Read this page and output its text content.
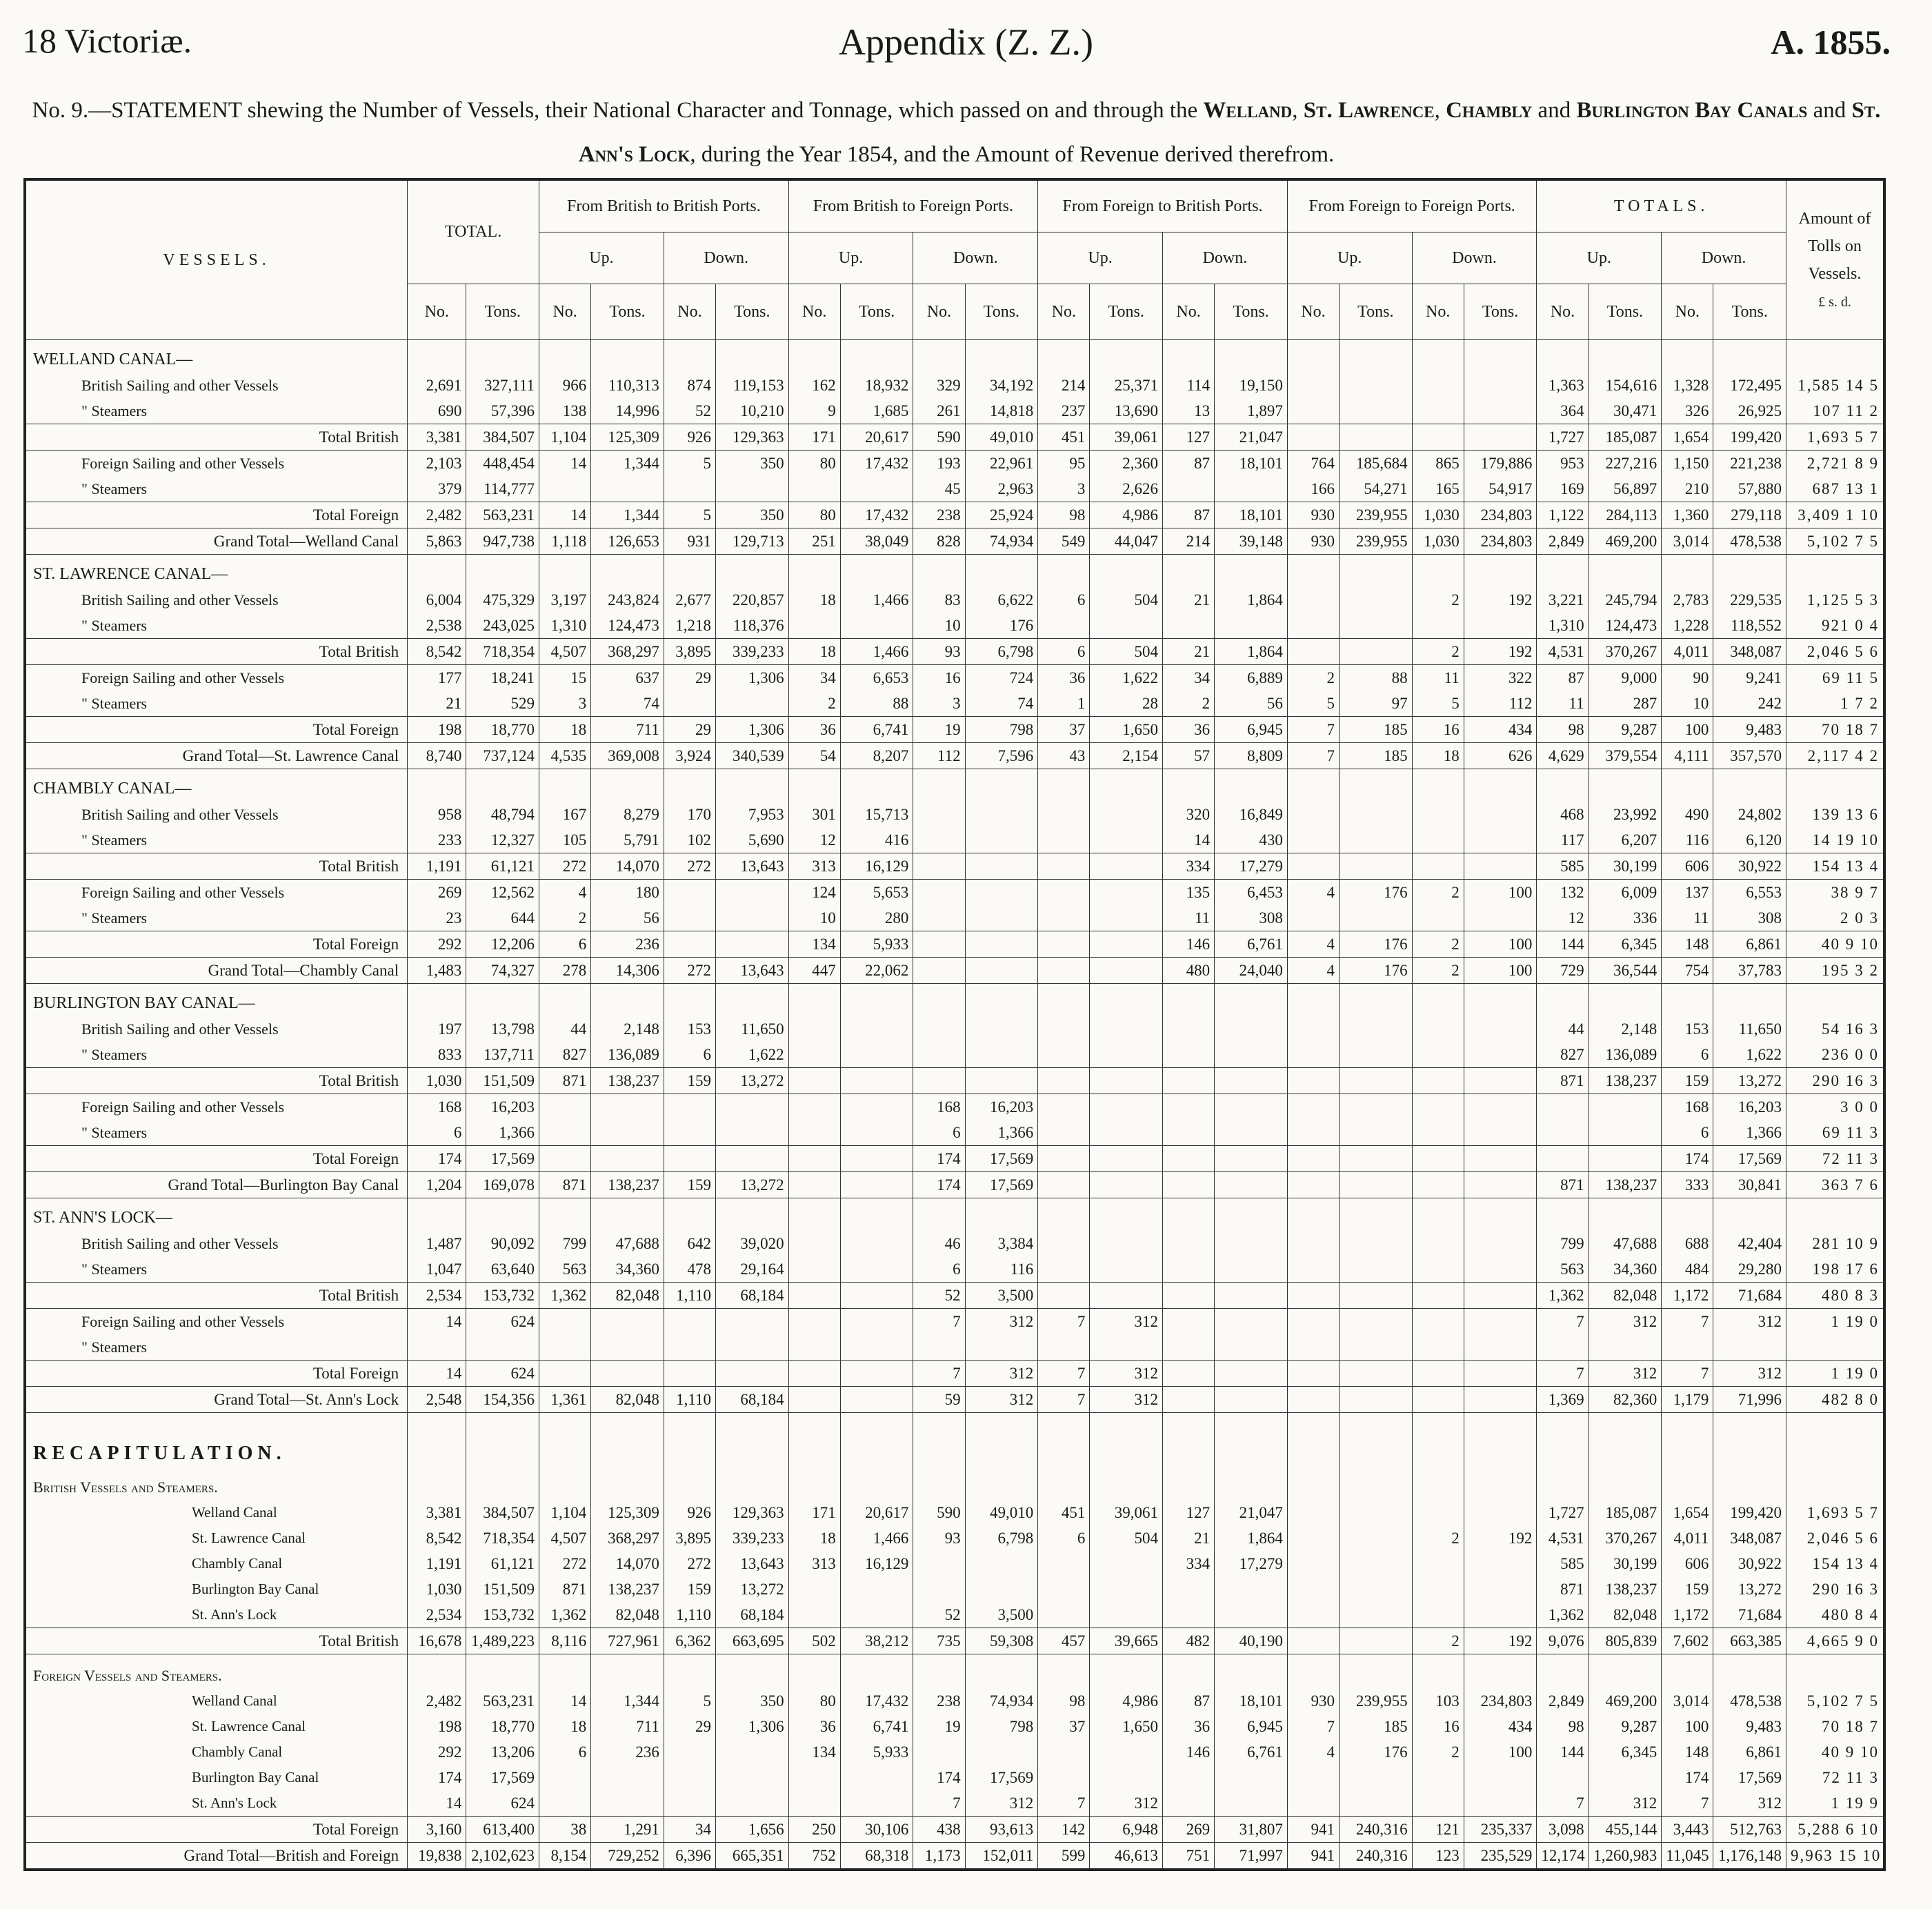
18 Victoriæ.	Appendix (Z. Z.)	A. 1855.
No. 9.—STATEMENT shewing the Number of Vessels, their National Character and Tonnage, which passed on and through the Welland, St. Lawrence, Chambly and Burlington Bay Canals and St. Ann's Lock, during the Year 1854, and the Amount of Revenue derived therefrom.
VESSELS.	TOTAL.		From British to British Ports.				From British to Foreign Ports.				From Foreign to British Ports.				From Foreign to Foreign Ports.				TOTALS.				Amount of Tolls on Vessels.
£ s. d.
			Up.		Down.		Up.		Down.		Up.		Down.		Up.		Down.		Up.		Down.		
	No.	Tons.	No.	Tons.	No.	Tons.	No.	Tons.	No.	Tons.	No.	Tons.	No.	Tons.	No.	Tons.	No.	Tons.	No.	Tons.	No.	Tons.	
WELLAND CANAL—																							
British Sailing and other Vessels	2,691	327,111	966	110,313	874	119,153	162	18,932	329	34,192	214	25,371	114	19,150					1,363	154,616	1,328	172,495	1,585 14 5
" Steamers	690	57,396	138	14,996	52	10,210	9	1,685	261	14,818	237	13,690	13	1,897					364	30,471	326	26,925	107 11 2
Total British	3,381	384,507	1,104	125,309	926	129,363	171	20,617	590	49,010	451	39,061	127	21,047					1,727	185,087	1,654	199,420	1,693 5 7
Foreign Sailing and other Vessels	2,103	448,454	14	1,344	5	350	80	17,432	193	22,961	95	2,360	87	18,101	764	185,684	865	179,886	953	227,216	1,150	221,238	2,721 8 9
" Steamers	379	114,777							45	2,963	3	2,626			166	54,271	165	54,917	169	56,897	210	57,880	687 13 1
Total Foreign	2,482	563,231	14	1,344	5	350	80	17,432	238	25,924	98	4,986	87	18,101	930	239,955	1,030	234,803	1,122	284,113	1,360	279,118	3,409 1 10
Grand Total—Welland Canal	5,863	947,738	1,118	126,653	931	129,713	251	38,049	828	74,934	549	44,047	214	39,148	930	239,955	1,030	234,803	2,849	469,200	3,014	478,538	5,102 7 5
ST. LAWRENCE CANAL—																							
British Sailing and other Vessels	6,004	475,329	3,197	243,824	2,677	220,857	18	1,466	83	6,622	6	504	21	1,864			2	192	3,221	245,794	2,783	229,535	1,125 5 3
" Steamers	2,538	243,025	1,310	124,473	1,218	118,376			10	176									1,310	124,473	1,228	118,552	921 0 4
Total British	8,542	718,354	4,507	368,297	3,895	339,233	18	1,466	93	6,798	6	504	21	1,864			2	192	4,531	370,267	4,011	348,087	2,046 5 6
Foreign Sailing and other Vessels	177	18,241	15	637	29	1,306	34	6,653	16	724	36	1,622	34	6,889	2	88	11	322	87	9,000	90	9,241	69 11 5
" Steamers	21	529	3	74			2	88	3	74	1	28	2	56	5	97	5	112	11	287	10	242	1 7 2
Total Foreign	198	18,770	18	711	29	1,306	36	6,741	19	798	37	1,650	36	6,945	7	185	16	434	98	9,287	100	9,483	70 18 7
Grand Total—St. Lawrence Canal	8,740	737,124	4,535	369,008	3,924	340,539	54	8,207	112	7,596	43	2,154	57	8,809	7	185	18	626	4,629	379,554	4,111	357,570	2,117 4 2
CHAMBLY CANAL—																							
British Sailing and other Vessels	958	48,794	167	8,279	170	7,953	301	15,713					320	16,849					468	23,992	490	24,802	139 13 6
" Steamers	233	12,327	105	5,791	102	5,690	12	416					14	430					117	6,207	116	6,120	14 19 10
Total British	1,191	61,121	272	14,070	272	13,643	313	16,129					334	17,279					585	30,199	606	30,922	154 13 4
Foreign Sailing and other Vessels	269	12,562	4	180			124	5,653					135	6,453	4	176	2	100	132	6,009	137	6,553	38 9 7
" Steamers	23	644	2	56			10	280					11	308					12	336	11	308	2 0 3
Total Foreign	292	12,206	6	236			134	5,933					146	6,761	4	176	2	100	144	6,345	148	6,861	40 9 10
Grand Total—Chambly Canal	1,483	74,327	278	14,306	272	13,643	447	22,062					480	24,040	4	176	2	100	729	36,544	754	37,783	195 3 2
BURLINGTON BAY CANAL—																							
British Sailing and other Vessels	197	13,798	44	2,148	153	11,650													44	2,148	153	11,650	54 16 3
" Steamers	833	137,711	827	136,089	6	1,622													827	136,089	6	1,622	236 0 0
Total British	1,030	151,509	871	138,237	159	13,272													871	138,237	159	13,272	290 16 3
Foreign Sailing and other Vessels	168	16,203							168	16,203											168	16,203	3 0 0
" Steamers	6	1,366							6	1,366											6	1,366	69 11 3
Total Foreign	174	17,569							174	17,569											174	17,569	72 11 3
Grand Total—Burlington Bay Canal	1,204	169,078	871	138,237	159	13,272			174	17,569									871	138,237	333	30,841	363 7 6
ST. ANN'S LOCK—																							
British Sailing and other Vessels	1,487	90,092	799	47,688	642	39,020			46	3,384									799	47,688	688	42,404	281 10 9
" Steamers	1,047	63,640	563	34,360	478	29,164			6	116									563	34,360	484	29,280	198 17 6
Total British	2,534	153,732	1,362	82,048	1,110	68,184			52	3,500									1,362	82,048	1,172	71,684	480 8 3
Foreign Sailing and other Vessels	14	624							7	312	7	312							7	312	7	312	1 19 0
" Steamers																							
Total Foreign	14	624							7	312	7	312							7	312	7	312	1 19 0
Grand Total—St. Ann's Lock	2,548	154,356	1,361	82,048	1,110	68,184			59	312	7	312							1,369	82,360	1,179	71,996	482 8 0
RECAPITULATION.																							
British Vessels and Steamers.																							
Welland Canal	3,381	384,507	1,104	125,309	926	129,363	171	20,617	590	49,010	451	39,061	127	21,047					1,727	185,087	1,654	199,420	1,693 5 7
St. Lawrence Canal	8,542	718,354	4,507	368,297	3,895	339,233	18	1,466	93	6,798	6	504	21	1,864			2	192	4,531	370,267	4,011	348,087	2,046 5 6
Chambly Canal	1,191	61,121	272	14,070	272	13,643	313	16,129					334	17,279					585	30,199	606	30,922	154 13 4
Burlington Bay Canal	1,030	151,509	871	138,237	159	13,272													871	138,237	159	13,272	290 16 3
St. Ann's Lock	2,534	153,732	1,362	82,048	1,110	68,184			52	3,500									1,362	82,048	1,172	71,684	480 8 4
Total British	16,678	1,489,223	8,116	727,961	6,362	663,695	502	38,212	735	59,308	457	39,665	482	40,190			2	192	9,076	805,839	7,602	663,385	4,665 9 0
Foreign Vessels and Steamers.																							
Welland Canal	2,482	563,231	14	1,344	5	350	80	17,432	238	74,934	98	4,986	87	18,101	930	239,955	103	234,803	2,849	469,200	3,014	478,538	5,102 7 5
St. Lawrence Canal	198	18,770	18	711	29	1,306	36	6,741	19	798	37	1,650	36	6,945	7	185	16	434	98	9,287	100	9,483	70 18 7
Chambly Canal	292	13,206	6	236			134	5,933					146	6,761	4	176	2	100	144	6,345	148	6,861	40 9 10
Burlington Bay Canal	174	17,569							174	17,569											174	17,569	72 11 3
St. Ann's Lock	14	624							7	312	7	312							7	312	7	312	1 19 9
Total Foreign	3,160	613,400	38	1,291	34	1,656	250	30,106	438	93,613	142	6,948	269	31,807	941	240,316	121	235,337	3,098	455,144	3,443	512,763	5,288 6 10
Grand Total—British and Foreign	19,838	2,102,623	8,154	729,252	6,396	665,351	752	68,318	1,173	152,011	599	46,613	751	71,997	941	240,316	123	235,529	12,174	1,260,983	11,045	1,176,148	9,963 15 10
